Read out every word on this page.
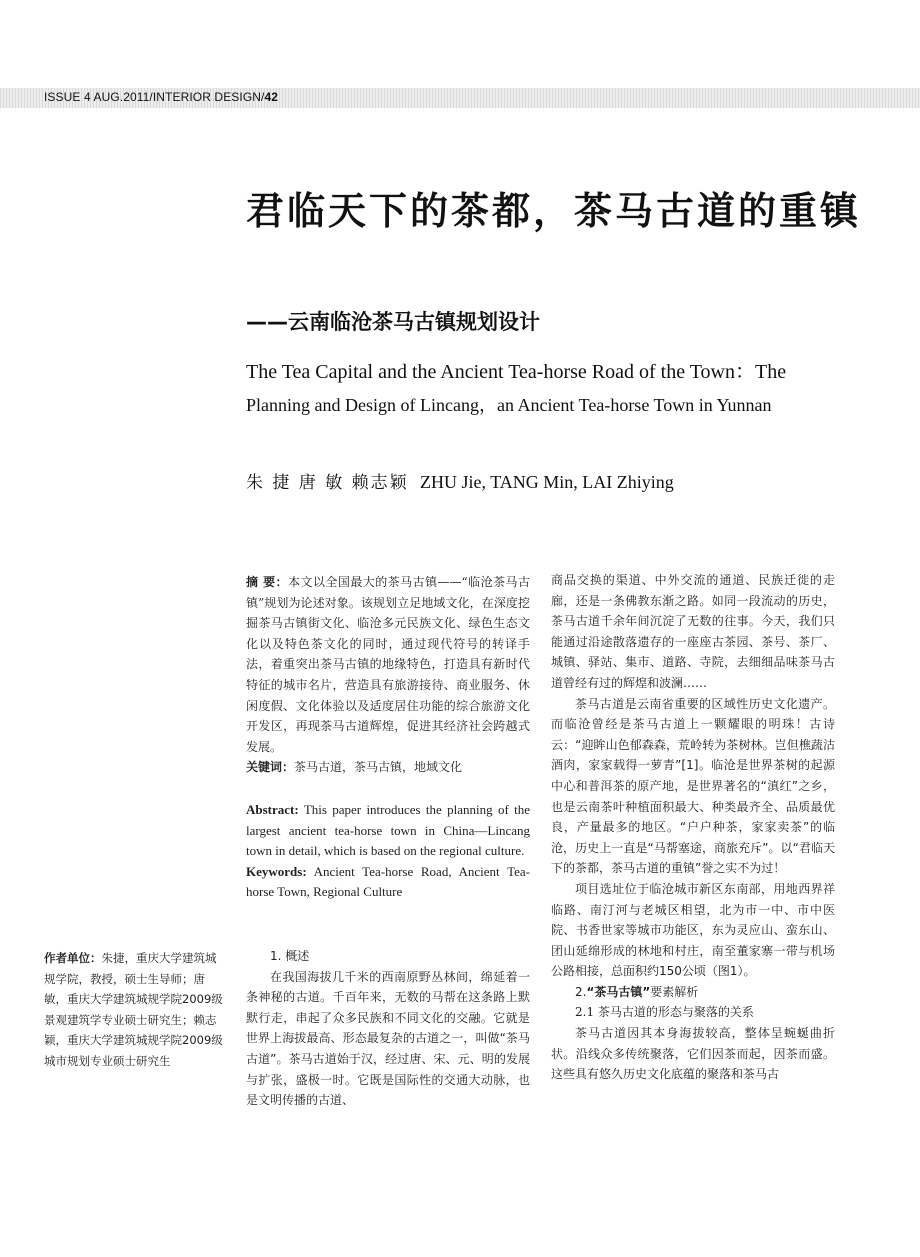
ISSUE 4 AUG.2011/INTERIOR DESIGN/42
君临天下的茶都，茶马古道的重镇
——云南临沧茶马古镇规划设计
The Tea Capital and the Ancient Tea-horse Road of the Town：The
Planning and Design of Lincang，an Ancient Tea-horse Town in Yunnan
朱 捷 唐 敏 赖志颖 ZHU Jie, TANG Min, LAI Zhiying

摘 要：本文以全国最大的茶马古镇——“临沧茶马古镇”规划为论述对象。该规划立足地域文化，在深度挖掘茶马古镇街文化、临沧多元民族文化、绿色生态文化以及特色茶文化的同时，通过现代符号的转译手法，着重突出茶马古镇的地缘特色，打造具有新时代特征的城市名片，营造具有旅游接待、商业服务、休闲度假、文化体验以及适度居住功能的综合旅游文化开发区，再现茶马古道辉煌，促进其经济社会跨越式发展。

关键词：茶马古道，茶马古镇，地域文化

Abstract: This paper introduces the planning of the largest ancient tea-horse town in China—Lincang town in detail, which is based on the regional culture.

Keywords: Ancient Tea-horse Road, Ancient Tea-horse Town, Regional Culture

作者单位：朱捷，重庆大学建筑城规学院，教授，硕士生导师；唐敏，重庆大学建筑城规学院2009级景观建筑学专业硕士研究生；赖志颖，重庆大学建筑城规学院2009级城市规划专业硕士研究生
1. 概述

在我国海拔几千米的西南原野丛林间，绵延着一条神秘的古道。千百年来，无数的马帮在这条路上默默行走，串起了众多民族和不同文化的交融。它就是世界上海拔最高、形态最复杂的古道之一，叫做“茶马古道”。茶马古道始于汉，经过唐、宋、元、明的发展与扩张，盛极一时。它既是国际性的交通大动脉，也是文明传播的古道、

商品交换的渠道、中外交流的通道、民族迁徙的走廊，还是一条佛教东渐之路。如同一段流动的历史，茶马古道千余年间沉淀了无数的往事。今天，我们只能通过沿途散落遗存的一座座古茶园、茶号、茶厂、城镇、驿站、集市、道路、寺院，去细细品味茶马古道曾经有过的辉煌和波澜……

茶马古道是云南省重要的区域性历史文化遗产。而临沧曾经是茶马古道上一颗耀眼的明珠！古诗云：“迎眸山色郁森森，荒岭转为茶树林。岂但樵蔬沽酒肉，家家载得一萝青”[1]。临沧是世界茶树的起源中心和普洱茶的原产地，是世界著名的“滇红”之乡，也是云南茶叶种植面积最大、种类最齐全、品质最优良，产量最多的地区。“户户种茶，家家卖茶”的临沧，历史上一直是“马帮塞途，商旅充斥”。以“君临天下的茶都，茶马古道的重镇”誉之实不为过！

项目选址位于临沧城市新区东南部，用地西界祥临路、南汀河与老城区相望，北为市一中、市中医院、书香世家等城市功能区，东为灵应山、蛮东山、团山延绵形成的林地和村庄，南至董家寨一带与机场公路相接，总面积约150公顷（图1）。

2.“茶马古镇”要素解析
2.1 茶马古道的形态与聚落的关系

茶马古道因其本身海拔较高，整体呈蜿蜒曲折状。沿线众多传统聚落，它们因茶而起，因茶而盛。这些具有悠久历史文化底蕴的聚落和茶马古
